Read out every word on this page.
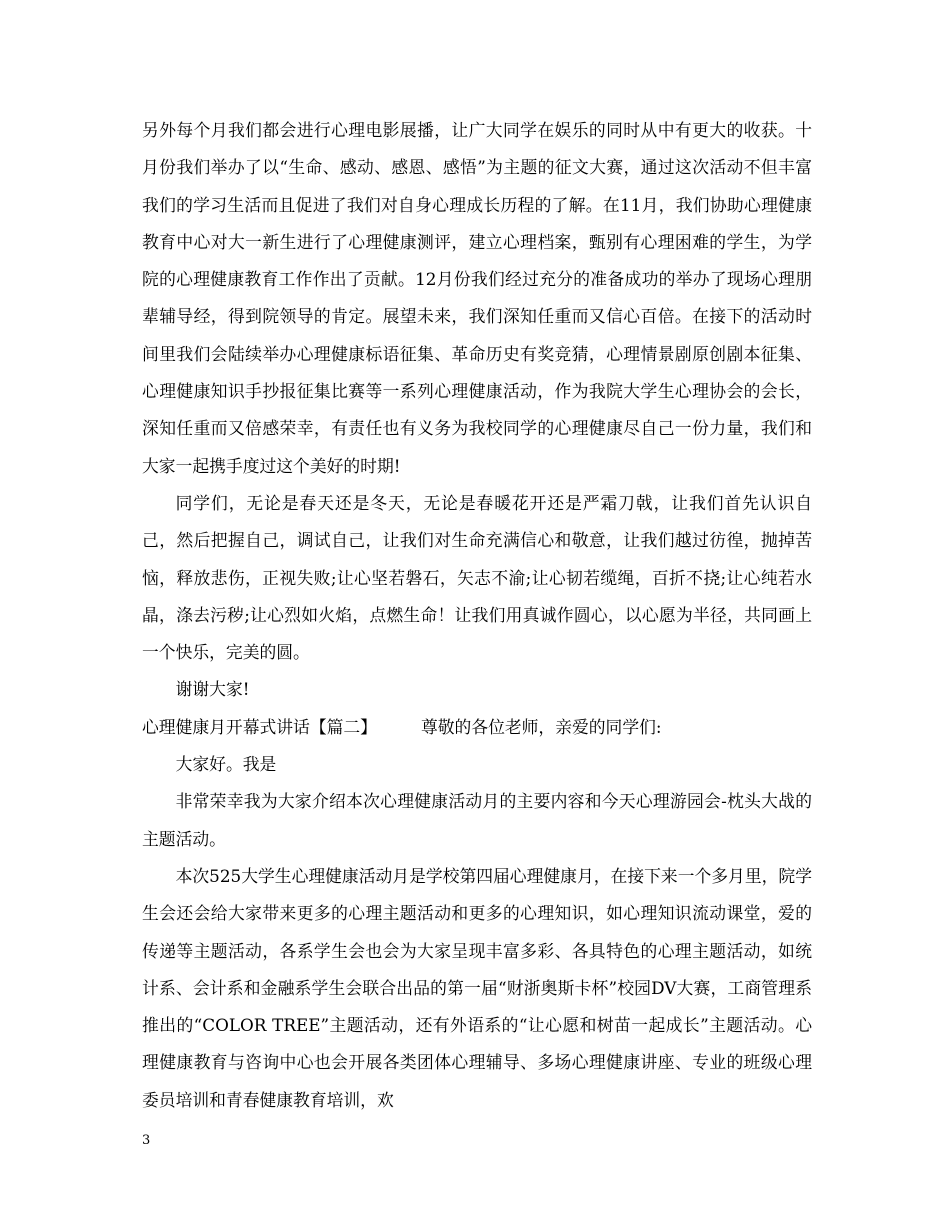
另外每个月我们都会进行心理电影展播，让广大同学在娱乐的同时从中有更大的收获。十月份我们举办了以“生命、感动、感恩、感悟”为主题的征文大赛，通过这次活动不但丰富我们的学习生活而且促进了我们对自身心理成长历程的了解。在11月，我们协助心理健康教育中心对大一新生进行了心理健康测评，建立心理档案，甄别有心理困难的学生，为学院的心理健康教育工作作出了贡献。12月份我们经过充分的准备成功的举办了现场心理朋辈辅导经，得到院领导的肯定。展望未来，我们深知任重而又信心百倍。在接下的活动时间里我们会陆续举办心理健康标语征集、革命历史有奖竞猜，心理情景剧原创剧本征集、心理健康知识手抄报征集比赛等一系列心理健康活动，作为我院大学生心理协会的会长，深知任重而又倍感荣幸，有责任也有义务为我校同学的心理健康尽自己一份力量，我们和大家一起携手度过这个美好的时期!

同学们，无论是春天还是冬天，无论是春暖花开还是严霜刀戟，让我们首先认识自己，然后把握自己，调试自己，让我们对生命充满信心和敬意，让我们越过彷徨，抛掉苦恼，释放悲伤，正视失败;让心坚若磐石，矢志不渝;让心韧若缆绳，百折不挠;让心纯若水晶，涤去污秽;让心烈如火焰，点燃生命！让我们用真诚作圆心，以心愿为半径，共同画上一个快乐，完美的圆。

谢谢大家!

心理健康月开幕式讲话【篇二】	尊敬的各位老师，亲爱的同学们:

大家好。我是

非常荣幸我为大家介绍本次心理健康活动月的主要内容和今天心理游园会-枕头大战的主题活动。

本次525大学生心理健康活动月是学校第四届心理健康月，在接下来一个多月里，院学生会还会给大家带来更多的心理主题活动和更多的心理知识，如心理知识流动课堂，爱的传递等主题活动，各系学生会也会为大家呈现丰富多彩、各具特色的心理主题活动，如统计系、会计系和金融系学生会联合出品的第一届“财浙奥斯卡杯”校园DV大赛，工商管理系推出的“COLOR TREE”主题活动，还有外语系的“让心愿和树苗一起成长”主题活动。心理健康教育与咨询中心也会开展各类团体心理辅导、多场心理健康讲座、专业的班级心理委员培训和青春健康教育培训，欢

3
